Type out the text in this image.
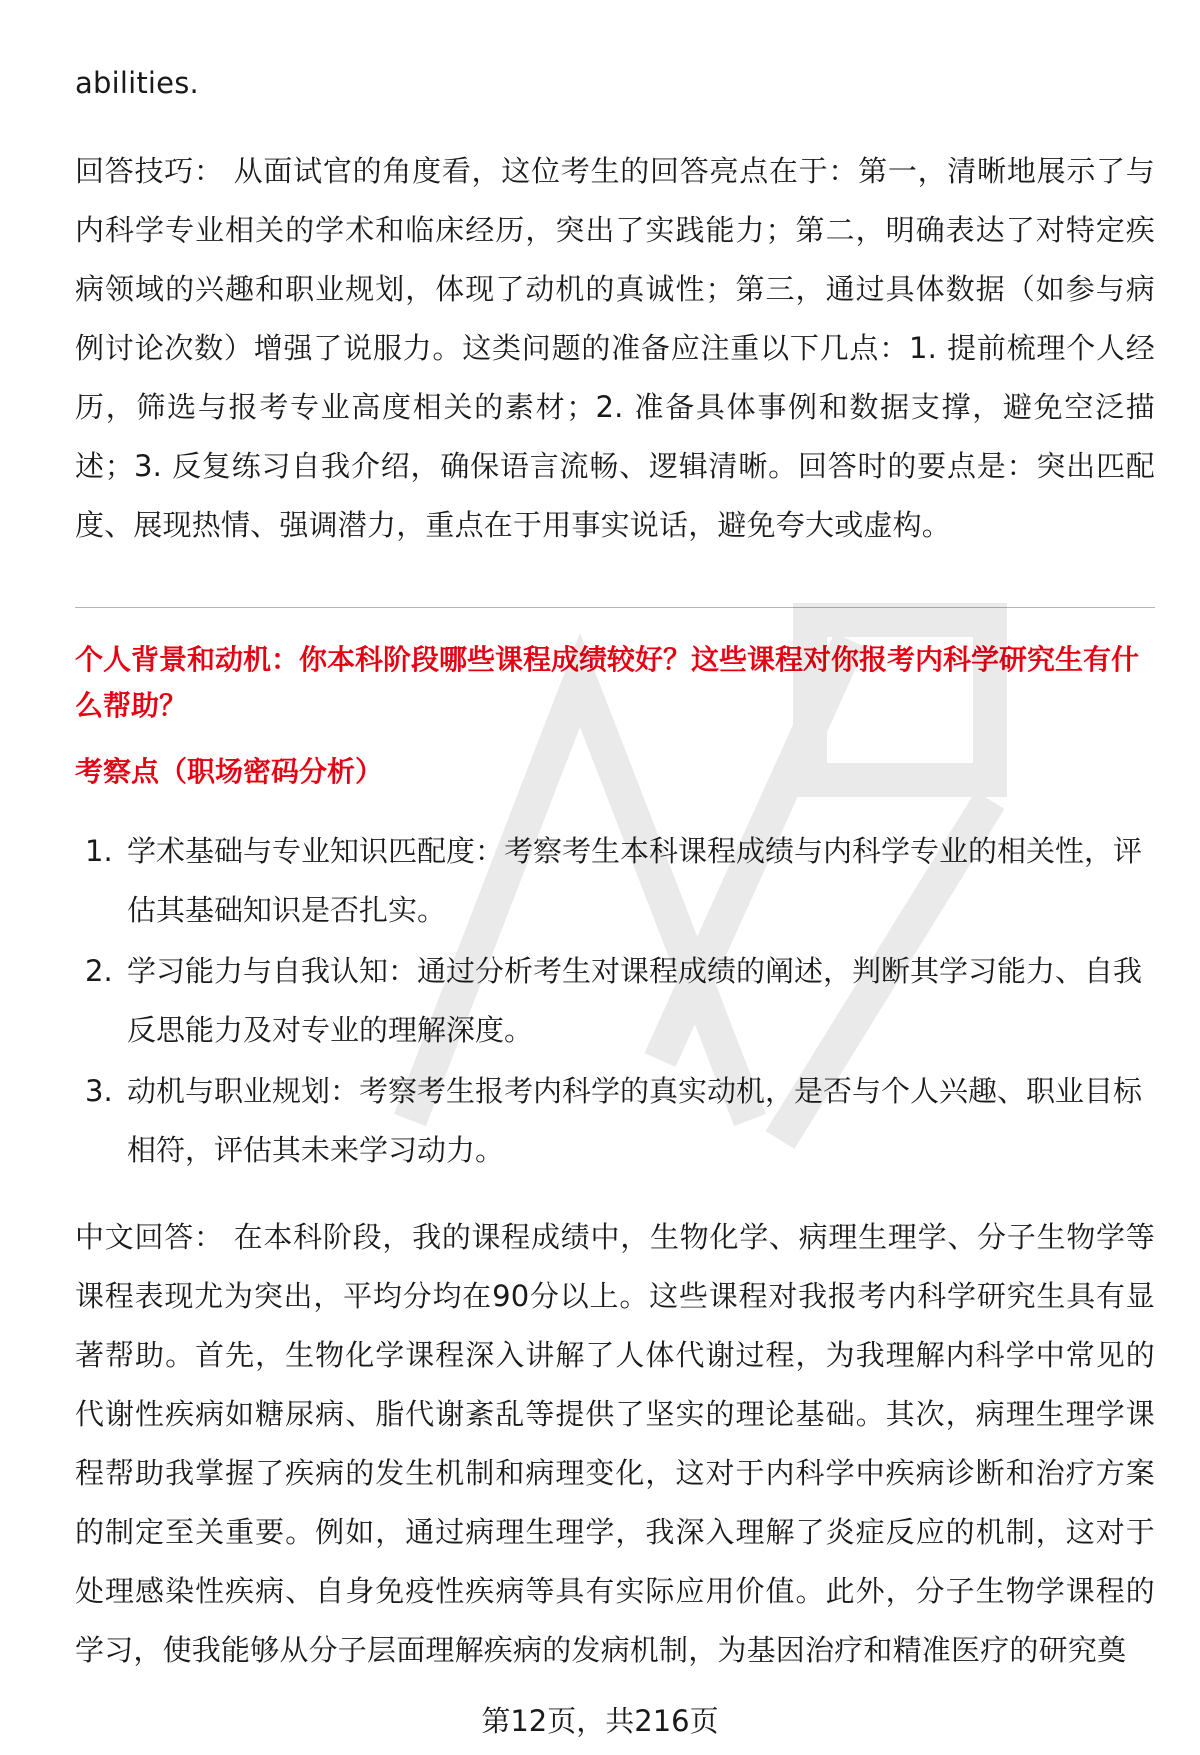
abilities.

回答技巧： 从面试官的角度看，这位考生的回答亮点在于：第一，清晰地展示了与内科学专业相关的学术和临床经历，突出了实践能力；第二，明确表达了对特定疾病领域的兴趣和职业规划，体现了动机的真诚性；第三，通过具体数据（如参与病例讨论次数）增强了说服力。这类问题的准备应注重以下几点：1. 提前梳理个人经历，筛选与报考专业高度相关的素材；2. 准备具体事例和数据支撑，避免空泛描述；3. 反复练习自我介绍，确保语言流畅、逻辑清晰。回答时的要点是：突出匹配度、展现热情、强调潜力，重点在于用事实说话，避免夸大或虚构。

个人背景和动机：你本科阶段哪些课程成绩较好？这些课程对你报考内科学研究生有什么帮助？
考察点（职场密码分析）
1. 学术基础与专业知识匹配度：考察考生本科课程成绩与内科学专业的相关性，评估其基础知识是否扎实。
2. 学习能力与自我认知：通过分析考生对课程成绩的阐述，判断其学习能力、自我反思能力及对专业的理解深度。
3. 动机与职业规划：考察考生报考内科学的真实动机，是否与个人兴趣、职业目标相符，评估其未来学习动力。

中文回答： 在本科阶段，我的课程成绩中，生物化学、病理生理学、分子生物学等课程表现尤为突出，平均分均在90分以上。这些课程对我报考内科学研究生具有显著帮助。首先，生物化学课程深入讲解了人体代谢过程，为我理解内科学中常见的代谢性疾病如糖尿病、脂代谢紊乱等提供了坚实的理论基础。其次，病理生理学课程帮助我掌握了疾病的发生机制和病理变化，这对于内科学中疾病诊断和治疗方案的制定至关重要。例如，通过病理生理学，我深入理解了炎症反应的机制，这对于处理感染性疾病、自身免疫性疾病等具有实际应用价值。此外，分子生物学课程的学习，使我能够从分子层面理解疾病的发病机制，为基因治疗和精准医疗的研究奠

第12页，共216页
